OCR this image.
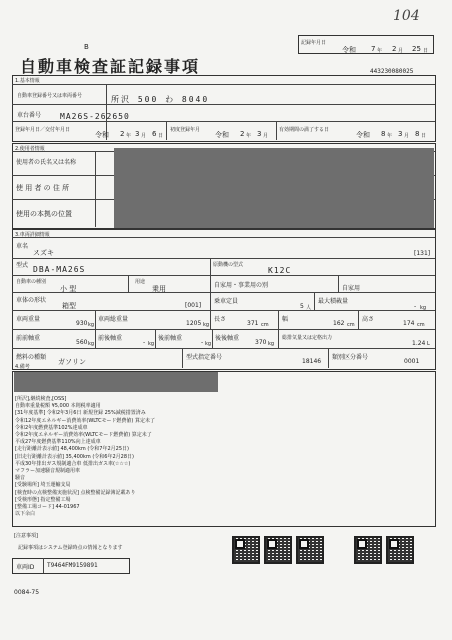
104
記録年月日
令和 7 年 2 月 25 日
B
自動車検査証記録事項	443230080025
1.基本情報
自動車登録番号又は車両番号	所沢 500 わ 8040
車台番号 MA26S-262650
登録年月日／交付年月日
令和 2 年 3 月 6 日
初度登録年月
令和 2 年 3 月
有効期間の満了する日
令和 8 年 3 月 8 日
2.使用者情報
使用者の氏名又は名称
使 用 者 の 住 所
使用の本拠の位置
3.車両詳細情報
車名
スズキ	[131]
型式 DBA-MA26S	原動機の型式
K12C
自動車の種別
小 型
用途
乗用	自家用・事業用の別	自家用
車体の形状
箱型	[001]
乗車定員
5 人
最大積載量
- kg
車両重量
930 kg
車両総重量
1205 kg
長さ
371 cm
幅
162 cm
高さ
174 cm
前前軸重
560 kg
前後軸重
- kg
後前軸重
- kg
後後軸重
370 kg
総排気量又は定格出力
1.24 L
燃料の種類
ガソリン
型式指定番号
18146
類別区分番号
0001
4.備考
[所沢],継続検査,[OSS]
自動車重量税額 ¥5,000 本則税率適用
[31年度基準] 令和2年3月6日 新規登録 25%減税措置済み
令和12年度エネルギー消費効率(WLTCモード燃費値) 算定未了
令和2年度燃費基準102%達成車
令和2年度エネルギー消費効率(WLTCモード燃費値) 算定未了
平成27年度燃費基準110%向上達成車
[走行距離計表示値] 48,400km (令和7年2月25日)
[旧走行距離計表示値] 35,400km (令和6年2月28日)
平成30年排出ガス規制適合車 低排出ガス車(☆☆☆)
マフラー加速騒音規制適用車
騒音
[受験場所] 埼玉運輸支局
[検査時の点検整備実施状況] 点検整備記録簿記載あり
[受検形態] 指定整備工場
[整備工場コード] 44-01967
以下余白
[注意事項]
記録事項はシステム登録時点の情報となります
車両ID T9464FM9159891
0084-75
